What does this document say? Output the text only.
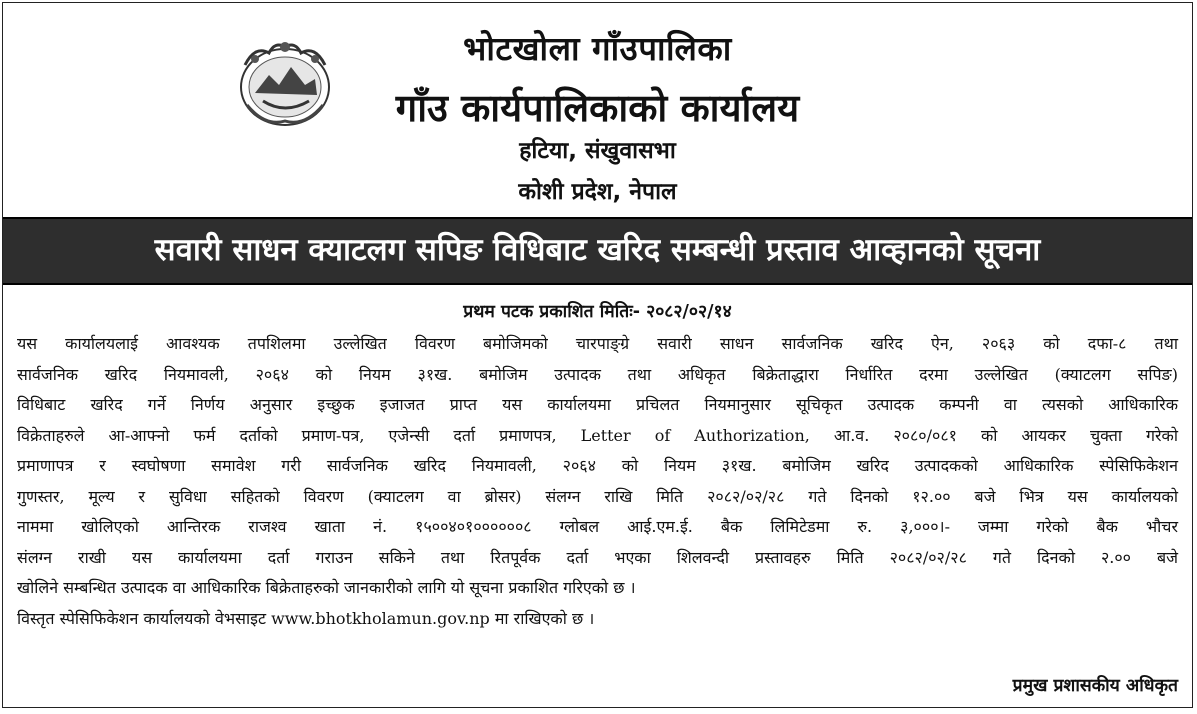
भोटखोला गाँउपालिका
गाँउ कार्यपालिकाको कार्यालय
हटिया, संखुवासभा
कोशी प्रदेश, नेपाल
सवारी साधन क्याटलग सपिङ विधिबाट खरिद सम्बन्धी प्रस्ताव आव्हानको सूचना
प्रथम पटक प्रकाशित मितिः- २०८२/०२/१४

यस कार्यालयलाई आवश्यक तपशिलमा उल्लेखित विवरण बमोजिमको चारपाङ्ग्रे सवारी साधन सार्वजनिक खरिद ऐन, २०६३ को दफा-८ तथा

सार्वजनिक खरिद नियमावली, २०६४ को नियम ३१ख. बमोजिम उत्पादक तथा अधिकृत बिक्रेताद्धारा निर्धारित दरमा उल्लेखित (क्याटलग सपिङ)

विधिबाट खरिद गर्ने निर्णय अनुसार इच्छुक इजाजत प्राप्त यस कार्यालयमा प्रचिलत नियमानुसार सूचिकृत उत्पादक कम्पनी वा त्यसको आधिकारिक

विक्रेताहरुले आ-आफ्नो फर्म दर्ताको प्रमाण-पत्र, एजेन्सी दर्ता प्रमाणपत्र, Letter of Authorization, आ.व. २०८०/०८१ को आयकर चुक्ता गरेको

प्रमाणापत्र र स्वघोषणा समावेश गरी सार्वजनिक खरिद नियमावली, २०६४ को नियम ३१ख. बमोजिम खरिद उत्पादकको आधिकारिक स्पेसिफिकेशन

गुणस्तर, मूल्य र सुविधा सहितको विवरण (क्याटलग वा ब्रोसर) संलग्न राखि मिति २०८२/०२/२८ गते दिनको १२.०० बजे भित्र यस कार्यालयको

नाममा खोलिएको आन्तिरक राजश्व खाता नं. १५००४०१००००००८ ग्लोबल आई.एम.ई. बैक लिमिटेडमा रु. ३,०००।- जम्मा गरेको बैक भौचर

संलग्न राखी यस कार्यालयमा दर्ता गराउन सकिने तथा रितपूर्वक दर्ता भएका शिलवन्दी प्रस्तावहरु मिति २०८२/०२/२८ गते दिनको २.०० बजे

खोलिने सम्बन्धित उत्पादक वा आधिकारिक बिक्रेताहरुको जानकारीको लागि यो सूचना प्रकाशित गरिएको छ ।

विस्तृत स्पेसिफिकेशन कार्यालयको वेभसाइट www.bhotkholamun.gov.np मा राखिएको छ ।
प्रमुख प्रशासकीय अधिकृत
